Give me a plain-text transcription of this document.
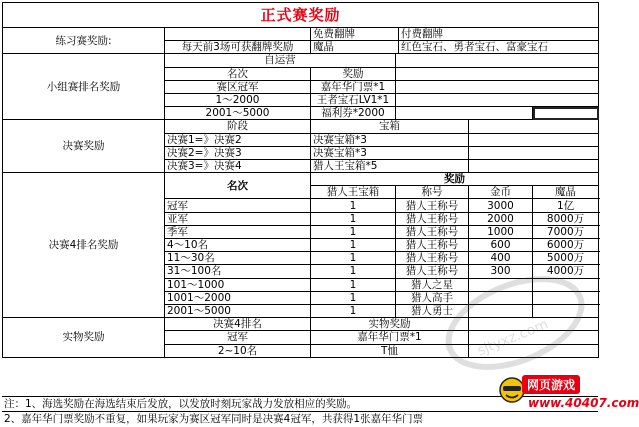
正式赛奖励						
练习赛奖励:		免费翻牌		付费翻牌		
	每天前3场可获翻牌奖励	魔晶		红色宝石、勇者宝石、富豪宝石		
小组赛排名奖励	自运营					
	名次	奖励				
	赛区冠军	嘉年华门票*1				
	1～2000	王者宝石LV1*1				
	2001～5000	福利券*2000				
决赛奖励	阶段	宝箱				
	决赛1=》决赛2	决赛宝箱*3				
	决赛2=》决赛3	决赛宝箱*3				
	决赛3=》决赛4	猎人王宝箱*5				
决赛4排名奖励	名次	奖励				
		猎人王宝箱	称号		金币	魔晶
	冠军	1	猎人王称号		3000	1亿
	亚军	1	猎人王称号		2000	8000万
	季军	1	猎人王称号		1000	7000万
	4～10名	1	猎人王称号		600	6000万
	11～30名	1	猎人王称号		400	5000万
	31～100名	1	猎人王称号		300	4000万
	101～1000	1	猎人之星			
	1001～2000	1	猎人高手			
	2001～5000	1	猎人勇士			
实物奖励	决赛4排名	实物奖励				
	冠军	嘉年华门票*1				
	2~10名	T恤				
注：1、海选奖励在海选结束后发放，以发放时刻玩家战力发放相应的奖励。
2、嘉年华门票奖励不重复，如果玩家为赛区冠军同时是决赛4冠军，共获得1张嘉年华门票
sjtyxz.com
网页游戏
www.40407.com
